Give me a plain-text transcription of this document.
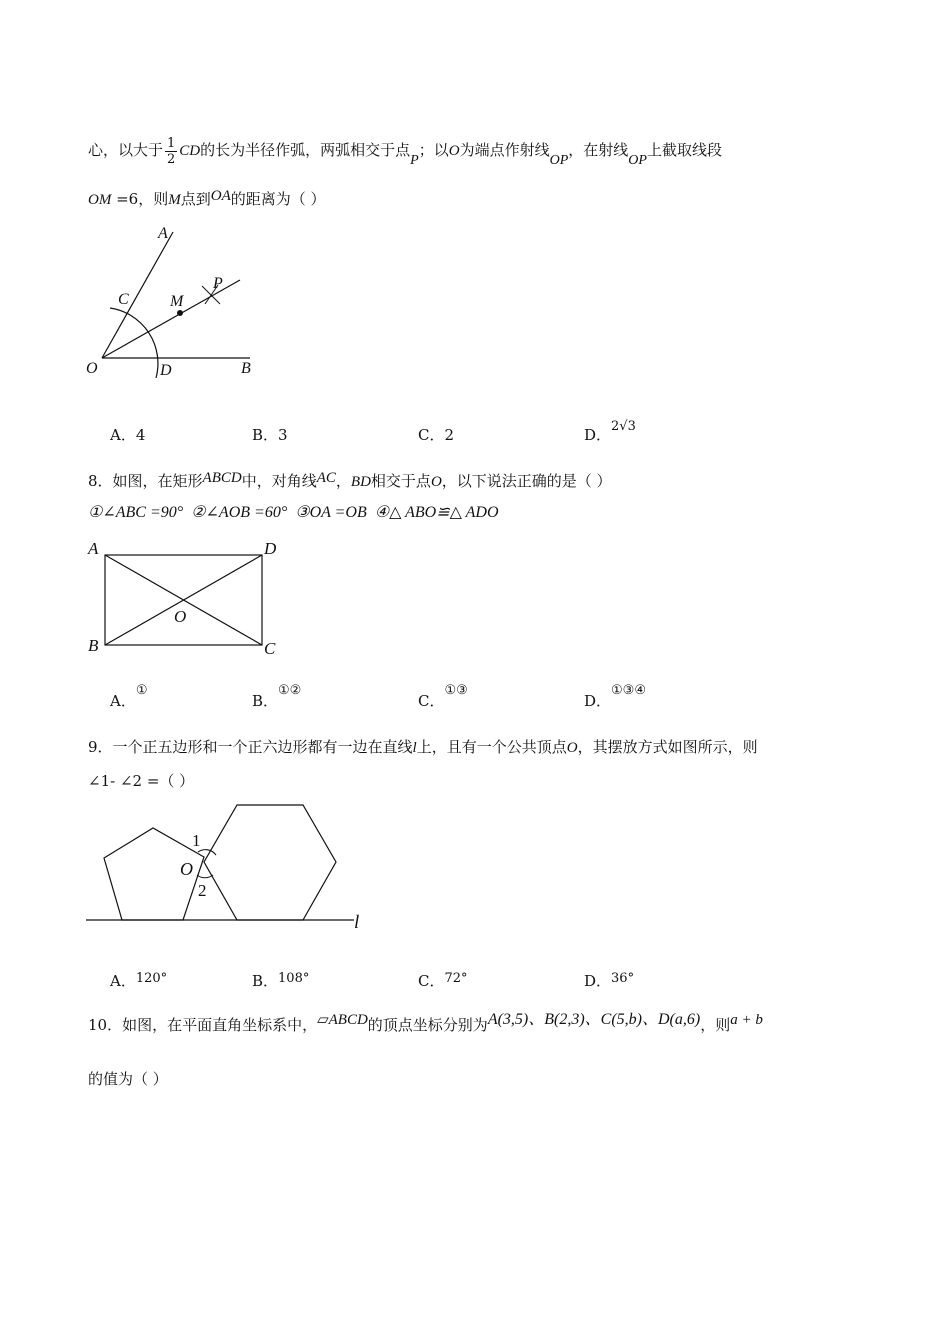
心，以大于 $\frac{1}{2}$ CD的长为半径作弧，两弧相交于点P；以O为端点作射线OP，在射线OP上截取线段
OM =6，则M点到OA的距离为（ ）
A
C	M
P
O	D	B
A．4	B．3	C．2	D．2√3
8．如图，在矩形ABCD中，对角线AC，BD相交于点O，以下说法正确的是（ ）
①∠ABC =90° ②∠AOB =60° ③OA =OB ④△ ABO≌△ ADO
A	D
O
B	C
A．①
B．①②
C．①③
D．①③④
9．一个正五边形和一个正六边形都有一边在直线l上，且有一个公共顶点O，其摆放方式如图所示，则
∠1- ∠2 =（ ）
1
O
2
l
A．120°	B．108°	C．72°	D．36°
10．如图，在平面直角坐标系中，▱ABCD的顶点坐标分别为A(3,5)、B(2,3)、C(5,b)、D(a,6)，则a + b
的值为（ ）
